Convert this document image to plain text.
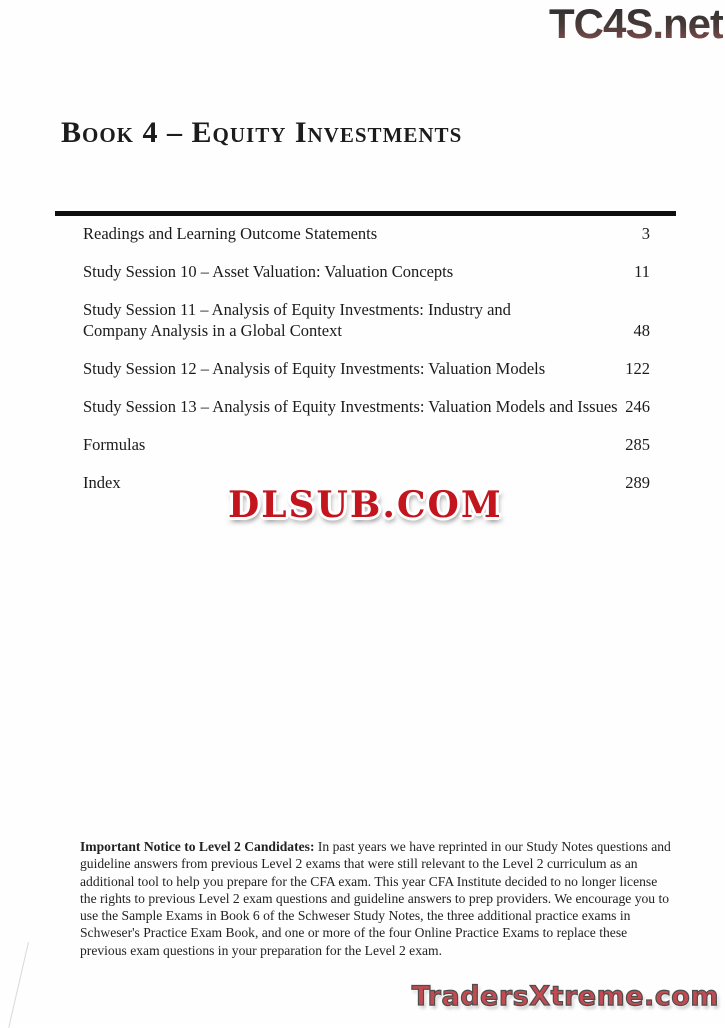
TC4S.net
Book 4 – Equity Investments
Readings and Learning Outcome Statements	3
Study Session 10 – Asset Valuation: Valuation Concepts	11
Study Session 11 – Analysis of Equity Investments: Industry and Company Analysis in a Global Context	48
Study Session 12 – Analysis of Equity Investments: Valuation Models	122
Study Session 13 – Analysis of Equity Investments: Valuation Models and Issues 246
Formulas	285
Index	289
DLSUB.COM

Important Notice to Level 2 Candidates: In past years we have reprinted in our Study Notes questions and guideline answers from previous Level 2 exams that were still relevant to the Level 2 curriculum as an additional tool to help you prepare for the CFA exam. This year CFA Institute decided to no longer license the rights to previous Level 2 exam questions and guideline answers to prep providers. We encourage you to use the Sample Exams in Book 6 of the Schweser Study Notes, the three additional practice exams in Schweser's Practice Exam Book, and one or more of the four Online Practice Exams to replace these previous exam questions in your preparation for the Level 2 exam.

TradersXtreme.com
